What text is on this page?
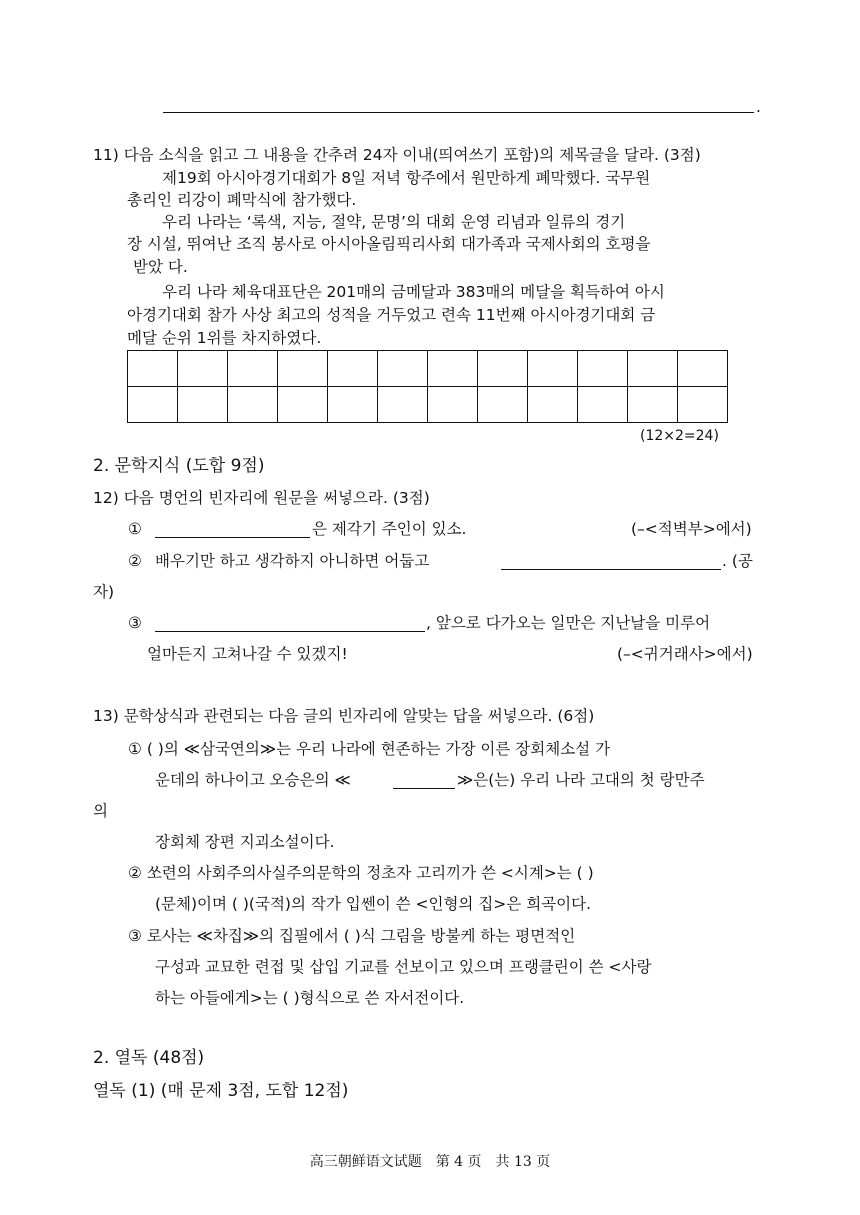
.
11) 다음 소식을 읽고 그 내용을 간추려 24자 이내(띄여쓰기 포함)의 제목글을 달라. (3점)
제19회 아시아경기대회가 8일 저녁 항주에서 원만하게 폐막했다. 국무원
총리인 리강이 폐막식에 참가했다.
우리 나라는 ‘록색, 지능, 절약, 문명’의 대회 운영 리념과 일류의 경기
장 시설, 뛰여난 조직 봉사로 아시아올림픽리사회 대가족과 국제사회의 호평을
받았 다.
우리 나라 체육대표단은 201매의 금메달과 383매의 메달을 획득하여 아시
아경기대회 참가 사상 최고의 성적을 거두었고 련속 11번째 아시아경기대회 금
메달 순위 1위를 차지하였다.

(12×2=24)
2. 문학지식 (도합 9점)
12) 다음 명언의 빈자리에 원문을 써넣으라. (3점)
①	은 제각기 주인이 있소.	(–<적벽부>에서)
② 배우기만 하고 생각하지 아니하면 어둡고	. (공
자)
③	, 앞으로 다가오는 일만은 지난날을 미루어
얼마든지 고쳐나갈 수 있겠지!	(–<귀거래사>에서)
13) 문학상식과 관련되는 다음 글의 빈자리에 알맞는 답을 써넣으라. (6점)
① ( )의 ≪삼국연의≫는 우리 나라에 현존하는 가장 이른 장회체소설 가
운데의 하나이고 오승은의 ≪	≫은(는) 우리 나라 고대의 첫 랑만주
의
장회체 장편 지괴소설이다.
② 쏘련의 사회주의사실주의문학의 정초자 고리끼가 쓴 <시계>는 ( )
(문체)이며 ( )(국적)의 작가 입쎈이 쓴 <인형의 집>은 희곡이다.
③ 로사는 ≪차집≫의 집필에서 ( )식 그림을 방불케 하는 평면적인
구성과 교묘한 련접 및 삽입 기교를 선보이고 있으며 프랭클린이 쓴 <사랑
하는 아들에게>는 ( )형식으로 쓴 자서전이다.
2. 열독 (48점)
열독 (1) (매 문제 3점, 도합 12점)
高三朝鲜语文试题　第 4 页　共 13 页
